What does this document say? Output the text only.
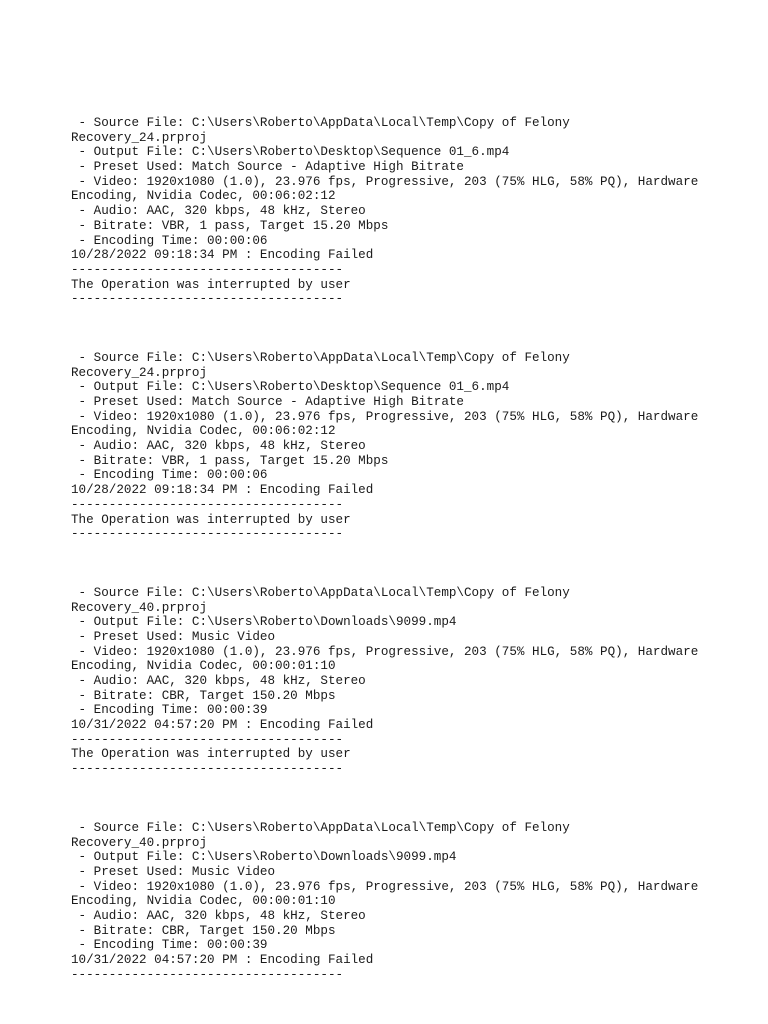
- Source File: C:\Users\Roberto\AppData\Local\Temp\Copy of Felony
Recovery_24.prproj
- Output File: C:\Users\Roberto\Desktop\Sequence 01_6.mp4
- Preset Used: Match Source - Adaptive High Bitrate
- Video: 1920x1080 (1.0), 23.976 fps, Progressive, 203 (75% HLG, 58% PQ), Hardware
Encoding, Nvidia Codec, 00:06:02:12
- Audio: AAC, 320 kbps, 48 kHz, Stereo
- Bitrate: VBR, 1 pass, Target 15.20 Mbps
- Encoding Time: 00:00:06
10/28/2022 09:18:34 PM : Encoding Failed
------------------------------------
The Operation was interrupted by user
------------------------------------
- Source File: C:\Users\Roberto\AppData\Local\Temp\Copy of Felony
Recovery_24.prproj
- Output File: C:\Users\Roberto\Desktop\Sequence 01_6.mp4
- Preset Used: Match Source - Adaptive High Bitrate
- Video: 1920x1080 (1.0), 23.976 fps, Progressive, 203 (75% HLG, 58% PQ), Hardware
Encoding, Nvidia Codec, 00:06:02:12
- Audio: AAC, 320 kbps, 48 kHz, Stereo
- Bitrate: VBR, 1 pass, Target 15.20 Mbps
- Encoding Time: 00:00:06
10/28/2022 09:18:34 PM : Encoding Failed
------------------------------------
The Operation was interrupted by user
------------------------------------
- Source File: C:\Users\Roberto\AppData\Local\Temp\Copy of Felony
Recovery_40.prproj
- Output File: C:\Users\Roberto\Downloads\9099.mp4
- Preset Used: Music Video
- Video: 1920x1080 (1.0), 23.976 fps, Progressive, 203 (75% HLG, 58% PQ), Hardware
Encoding, Nvidia Codec, 00:00:01:10
- Audio: AAC, 320 kbps, 48 kHz, Stereo
- Bitrate: CBR, Target 150.20 Mbps
- Encoding Time: 00:00:39
10/31/2022 04:57:20 PM : Encoding Failed
------------------------------------
The Operation was interrupted by user
------------------------------------
- Source File: C:\Users\Roberto\AppData\Local\Temp\Copy of Felony
Recovery_40.prproj
- Output File: C:\Users\Roberto\Downloads\9099.mp4
- Preset Used: Music Video
- Video: 1920x1080 (1.0), 23.976 fps, Progressive, 203 (75% HLG, 58% PQ), Hardware
Encoding, Nvidia Codec, 00:00:01:10
- Audio: AAC, 320 kbps, 48 kHz, Stereo
- Bitrate: CBR, Target 150.20 Mbps
- Encoding Time: 00:00:39
10/31/2022 04:57:20 PM : Encoding Failed
------------------------------------
